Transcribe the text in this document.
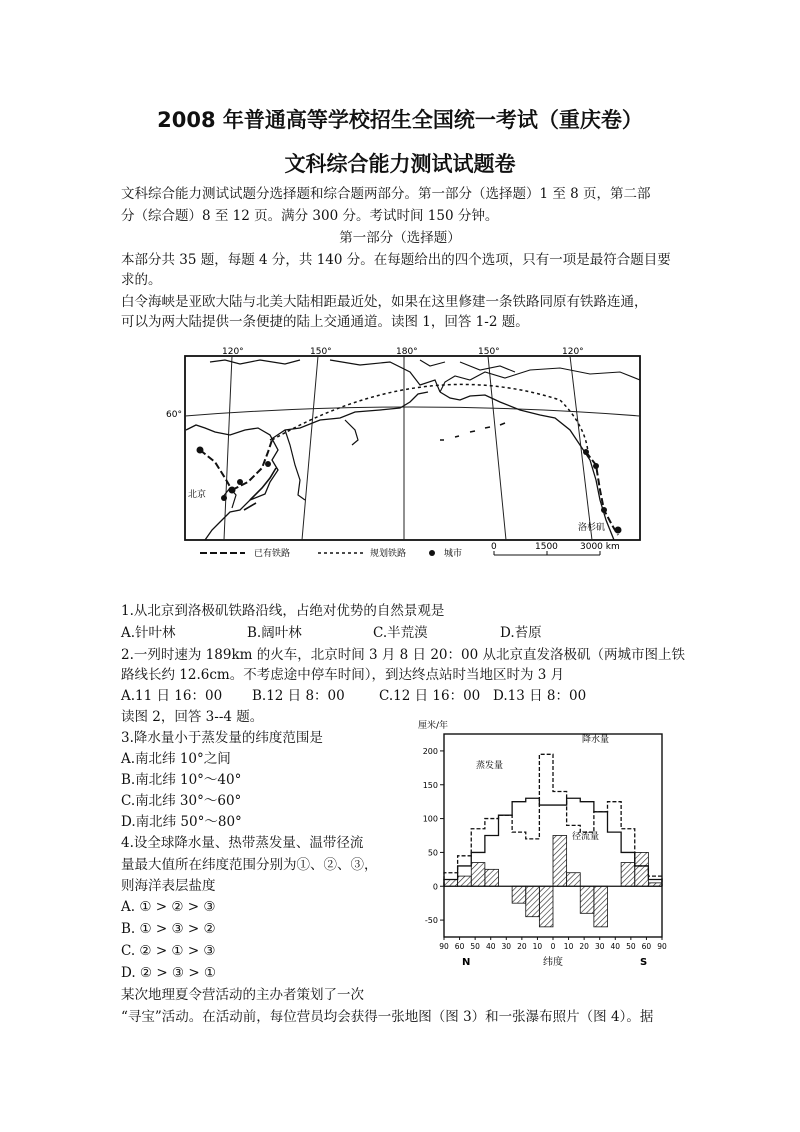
2008 年普通高等学校招生全国统一考试（重庆卷）
文科综合能力测试试题卷
文科综合能力测试试题分选择题和综合题两部分。第一部分（选择题）1 至 8 页，第二部
分（综合题）8 至 12 页。满分 300 分。考试时间 150 分钟。
第一部分（选择题）
本部分共 35 题，每题 4 分，共 140 分。在每题给出的四个选项，只有一项是最符合题目要
求的。
白令海峡是亚欧大陆与北美大陆相距最近处，如果在这里修建一条铁路同原有铁路连通，
可以为两大陆提供一条便捷的陆上交通通道。读图 1，回答 1-2 题。
120°	150°	180°	150°	120°
60°
北京
洛杉矶
已有铁路	规划铁路	城市
0	1500 3000 km
1.从北京到洛极矶铁路沿线，占绝对优势的自然景观是
A.针叶林	B.阔叶林	C.半荒漠	D.苔原
2.一列时速为 189km 的火车，北京时间 3 月 8 日 20：00 从北京直发洛极矶（两城市图上铁
路线长约 12.6cm。不考虑途中停车时间），到达终点站时当地区时为 3 月
A.11 日 16：00 B.12 日 8：00	C.12 日 16：00 D.13 日 8：00
读图 2，回答 3--4 题。
3.降水量小于蒸发量的纬度范围是
A.南北纬 10°之间
B.南北纬 10°～40°
C.南北纬 30°～60°
D.南北纬 50°～80°
4.设全球降水量、热带蒸发量、温带径流
量最大值所在纬度范围分别为①、②、③，
则海洋表层盐度
A. ① > ② > ③
B. ① > ③ > ②
C. ② > ① > ③
D. ② > ③ > ①
某次地理夏令营活动的主办者策划了一次
“寻宝”活动。在活动前，每位营员均会获得一张地图（图 3）和一张瀑布照片（图 4）。据
-50
0
50
100
150
200
厘米/年
90 60 50 40 30 20 10 0 10 20 30 40 50 60 90
N	S
纬度
降水量
蒸发量
径流量
